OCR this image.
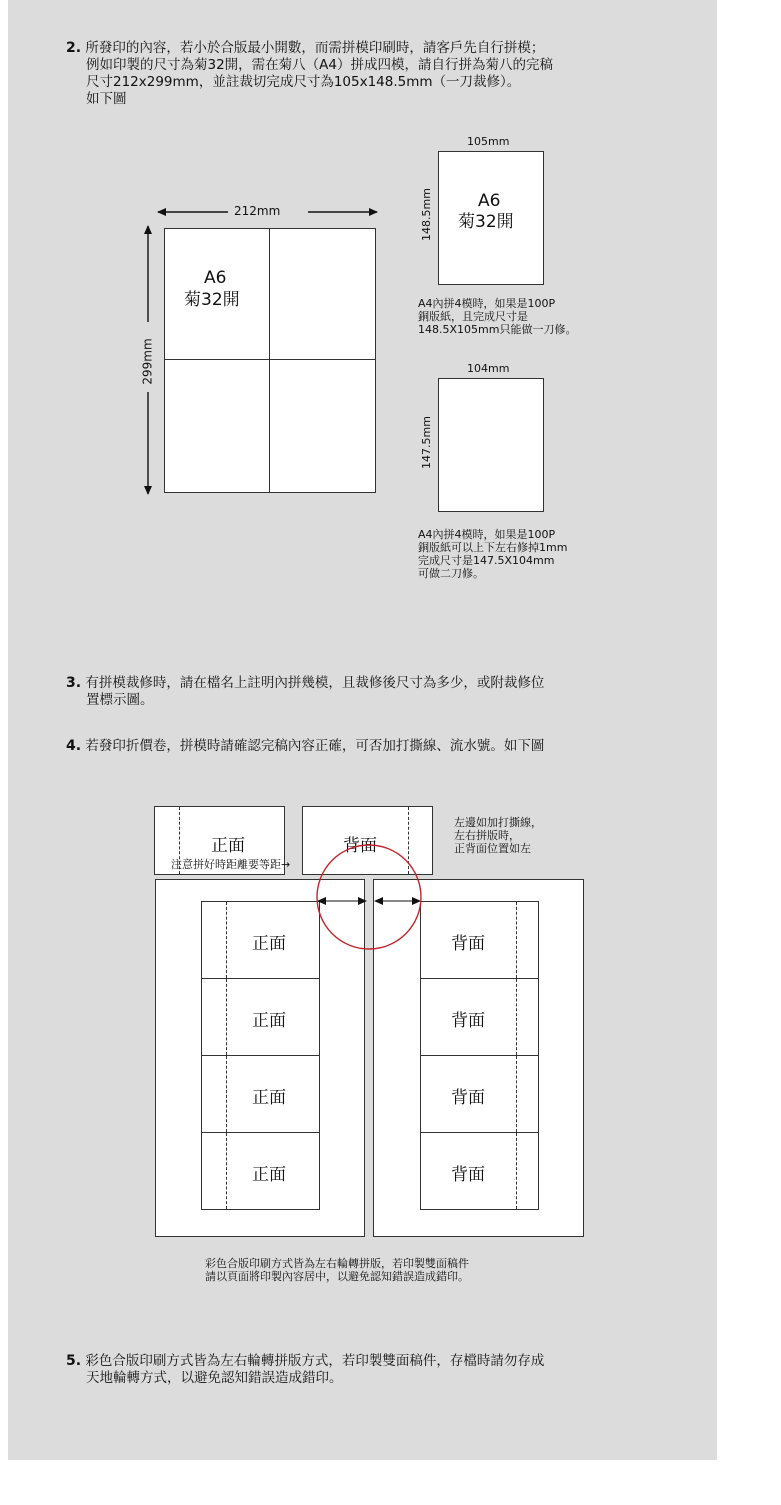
2. 所發印的內容，若小於合版最小開數，而需拼模印刷時，請客戶先自行拼模；
例如印製的尺寸為菊32開，需在菊八（A4）拼成四模，請自行拼為菊八的完稿
尺寸212x299mm，並註裁切完成尺寸為105x148.5mm（一刀裁修）。
如下圖
A6
菊32開
212mm
299mm
105mm
148.5mm	A6
菊32開
A4內拼4模時，如果是100P
銅版紙，且完成尺寸是
148.5X105mm只能做一刀修。
104mm
147.5mm
A4內拼4模時，如果是100P
銅版紙可以上下左右修掉1mm
完成尺寸是147.5X104mm
可做二刀修。
3. 有拼模裁修時，請在檔名上註明內拼幾模，且裁修後尺寸為多少，或附裁修位
置標示圖。
4. 若發印折價卷，拼模時請確認完稿內容正確，可否加打撕線、流水號。如下圖
正面	背面
左邊如加打撕線，
左右拼版時，
正背面位置如左
注意拼好時距離要等距→
正面
正面
正面
正面
背面
背面
背面
背面
彩色合版印刷方式皆為左右輪轉拼版，若印製雙面稿件
請以頁面將印製內容居中，以避免認知錯誤造成錯印。
5. 彩色合版印刷方式皆為左右輪轉拼版方式，若印製雙面稿件，存檔時請勿存成
天地輪轉方式，以避免認知錯誤造成錯印。
